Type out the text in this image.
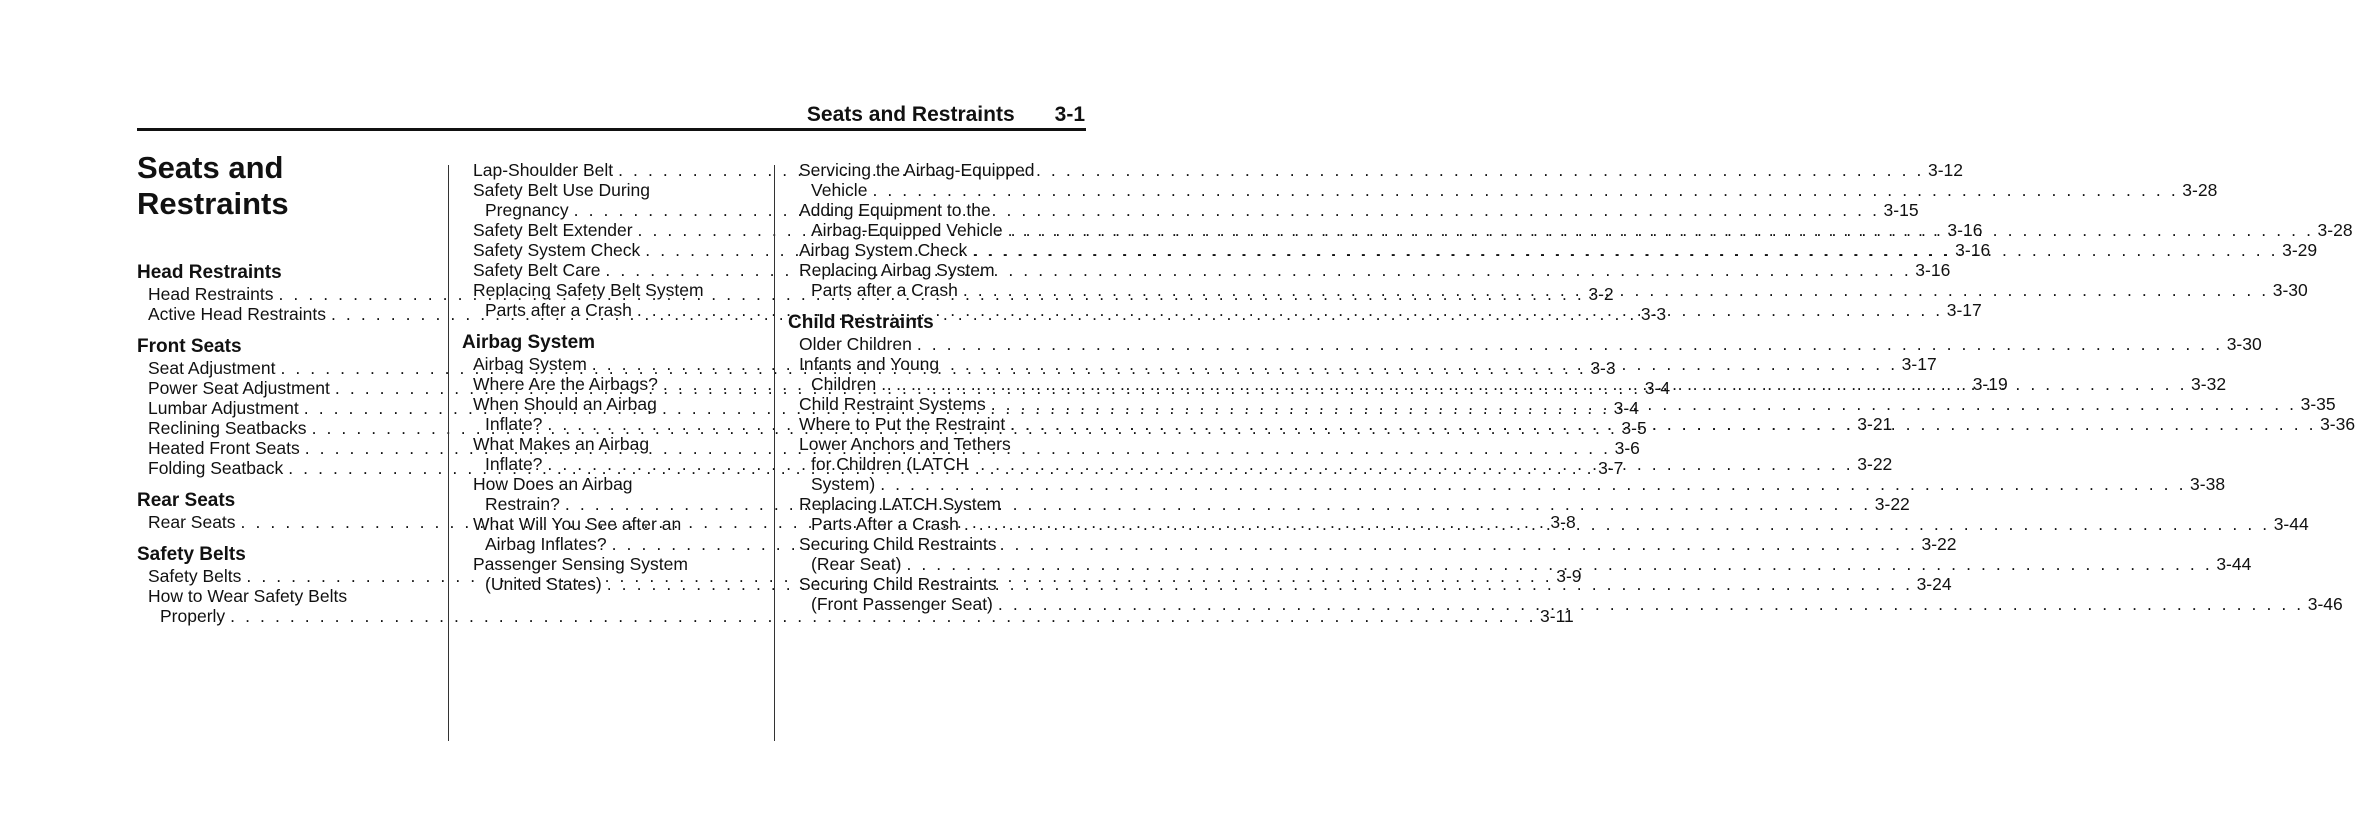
Seats and Restraints 3-1
Seats and
Restraints
Head Restraints
Head Restraints . . .	3-2
Active Head Restraints . . .	3-3
Front Seats
Seat Adjustment . . .	3-3
Power Seat Adjustment . . .	3-4
Lumbar Adjustment . . .	3-4
Reclining Seatbacks . . .	3-5
Heated Front Seats . . .	3-6
Folding Seatback . . .	3-7
Rear Seats
Rear Seats . . .	3-8
Safety Belts
Safety Belts . . .	3-9
How to Wear Safety Belts
Properly . . .	3-11
Lap-Shoulder Belt . . .	3-12
Safety Belt Use During
Pregnancy . . .	3-15
Safety Belt Extender . . .	3-16
Safety System Check . . .	3-16
Safety Belt Care . . .	3-16
Replacing Safety Belt System
Parts after a Crash . . .	3-17
Airbag System
Airbag System . . .	3-17
Where Are the Airbags? . . .	3-19
When Should an Airbag
Inflate? . . .	3-21
What Makes an Airbag
Inflate? . . .	3-22
How Does an Airbag
Restrain? . . .	3-22
What Will You See after an
Airbag Inflates? . . .	3-22
Passenger Sensing System
(United States) . . .	3-24
Servicing the Airbag-Equipped
Vehicle . . .	3-28
Adding Equipment to the
Airbag-Equipped Vehicle . . .	3-28
Airbag System Check . . .	3-29
Replacing Airbag System
Parts after a Crash . . .	3-30
Child Restraints
Older Children . . .	3-30
Infants and Young
Children . . .	3-32
Child Restraint Systems . . .	3-35
Where to Put the Restraint . . .	3-36
Lower Anchors and Tethers
for Children (LATCH
System) . . .	3-38
Replacing LATCH System
Parts After a Crash . . .	3-44
Securing Child Restraints
(Rear Seat) . . .	3-44
Securing Child Restraints
(Front Passenger Seat) . . .	3-46
